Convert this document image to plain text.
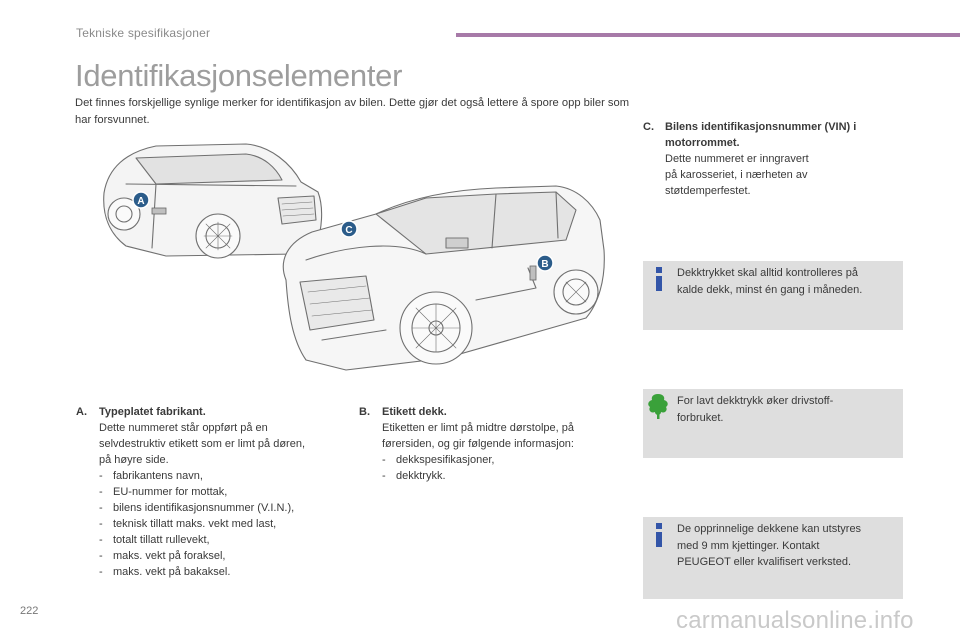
Tekniske spesifikasjoner
Identifikasjonselementer
Det finnes forskjellige synlige merker for identifikasjon av bilen. Dette gjør det også lettere å spore opp biler som har forsvunnet.
A
B
C
A. Typeplatet fabrikant.
Dette nummeret står oppført på en
selvdestruktiv etikett som er limt på døren,
på høyre side.
- fabrikantens navn,
- EU-nummer for mottak,
- bilens identifikasjonsnummer (V.I.N.),
- teknisk tillatt maks. vekt med last,
- totalt tillatt rullevekt,
- maks. vekt på foraksel,
- maks. vekt på bakaksel.
B. Etikett dekk.
Etiketten er limt på midtre dørstolpe, på
førersiden, og gir følgende informasjon:
- dekkspesifikasjoner,
- dekktrykk.
C. Bilens identifikasjonsnummer (VIN) i
motorrommet.
Dette nummeret er inngravert
på karosseriet, i nærheten av
støtdemperfestet.
Dekktrykket skal alltid kontrolleres på
kalde dekk, minst én gang i måneden.
For lavt dekktrykk øker drivstoff-
forbruket.
De opprinnelige dekkene kan utstyres
med 9 mm kjettinger. Kontakt
PEUGEOT eller kvalifisert verksted.
222	carmanualsonline.info
